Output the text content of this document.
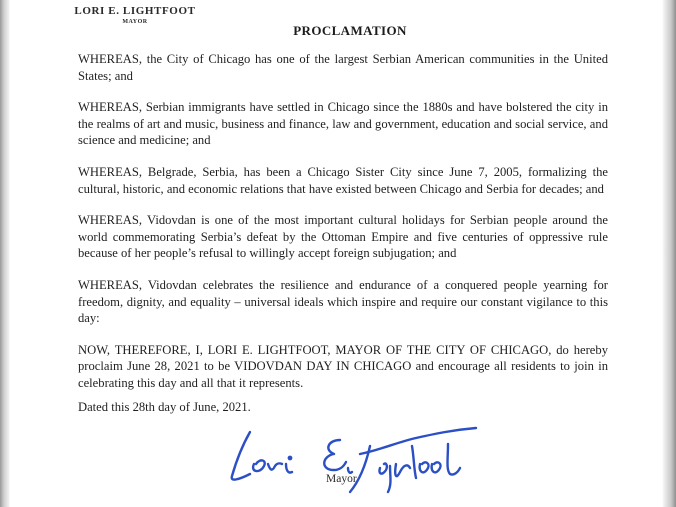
LORI E. LIGHTFOOT
MAYOR
PROCLAMATION

WHEREAS, the City of Chicago has one of the largest Serbian American communities in the United States; and

WHEREAS, Serbian immigrants have settled in Chicago since the 1880s and have bolstered the city in the realms of art and music, business and finance, law and government, education and social service, and science and medicine; and

WHEREAS, Belgrade, Serbia, has been a Chicago Sister City since June 7, 2005, formalizing the cultural, historic, and economic relations that have existed between Chicago and Serbia for decades; and

WHEREAS, Vidovdan is one of the most important cultural holidays for Serbian people around the world commemorating Serbia’s defeat by the Ottoman Empire and five centuries of oppressive rule because of her people’s refusal to willingly accept foreign subjugation; and

WHEREAS, Vidovdan celebrates the resilience and endurance of a conquered people yearning for freedom, dignity, and equality – universal ideals which inspire and require our constant vigilance to this day:

NOW, THEREFORE, I, LORI E. LIGHTFOOT, MAYOR OF THE CITY OF CHICAGO, do hereby proclaim June 28, 2021 to be VIDOVDAN DAY IN CHICAGO and encourage all residents to join in celebrating this day and all that it represents.

Dated this 28th day of June, 2021.
Mayor
